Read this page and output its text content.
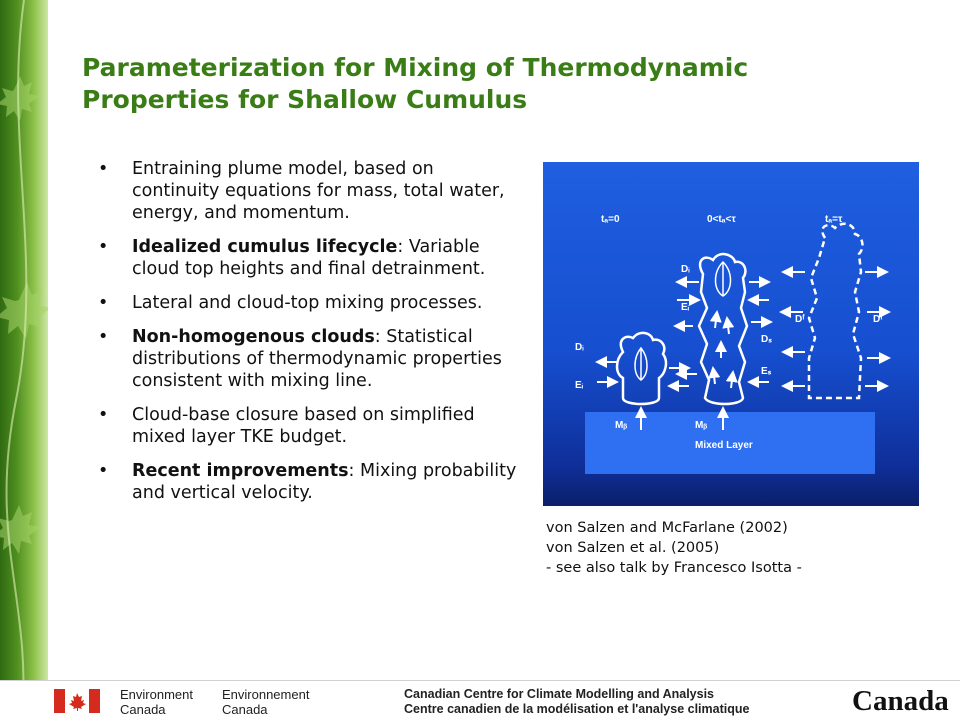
Parameterization for Mixing of Thermodynamic
Properties for Shallow Cumulus
• Entraining plume model, based on continuity equations for mass, total water, energy, and momentum.
• Idealized cumulus lifecycle: Variable cloud top heights and final detrainment.
• Lateral and cloud-top mixing processes.
• Non-homogenous clouds: Statistical distributions of thermodynamic properties consistent with mixing line.
• Cloud-base closure based on simplified mixed layer TKE budget.
• Recent improvements: Mixing probability and vertical velocity.
tₐ=0	0<tₐ<τ	tₐ=τ
Dᵢ
Eᵢ
Dᵢ
Eᵢ
Dₛ
Eₛ
Dᶠ	Dᶠ
Mᵦ	Mᵦ
Mixed Layer
von Salzen and McFarlane (2002)
von Salzen et al. (2005)
- see also talk by Francesco Isotta -
Environment
Canada
Environnement
Canada
Canadian Centre for Climate Modelling and Analysis
Centre canadien de la modélisation et l'analyse climatique	Canada
